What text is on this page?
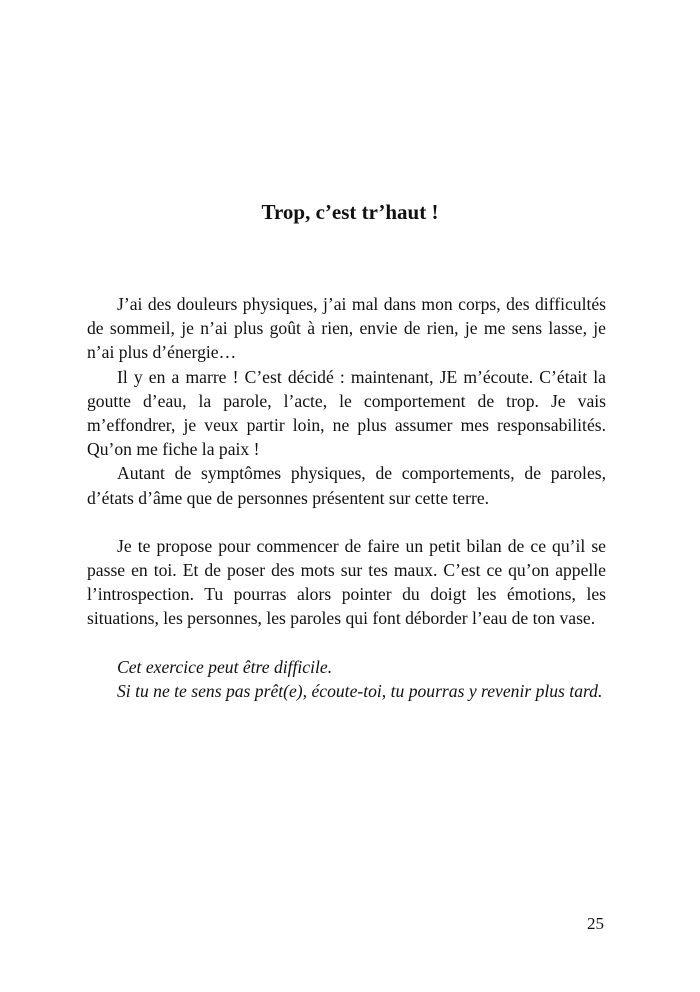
Trop, c’est tr’haut !

J’ai des douleurs physiques, j’ai mal dans mon corps, des difficultés de sommeil, je n’ai plus goût à rien, envie de rien, je me sens lasse, je n’ai plus d’énergie…

Il y en a marre ! C’est décidé : maintenant, JE m’écoute. C’était la goutte d’eau, la parole, l’acte, le comportement de trop. Je vais m’effondrer, je veux partir loin, ne plus assumer mes responsabilités. Qu’on me fiche la paix !

Autant de symptômes physiques, de comportements, de paroles, d’états d’âme que de personnes présentent sur cette terre.

Je te propose pour commencer de faire un petit bilan de ce qu’il se passe en toi. Et de poser des mots sur tes maux. C’est ce qu’on appelle l’introspection. Tu pourras alors pointer du doigt les émotions, les situations, les personnes, les paroles qui font déborder l’eau de ton vase.

Cet exercice peut être difficile.

Si tu ne te sens pas prêt(e), écoute-toi, tu pourras y revenir plus tard.

25
